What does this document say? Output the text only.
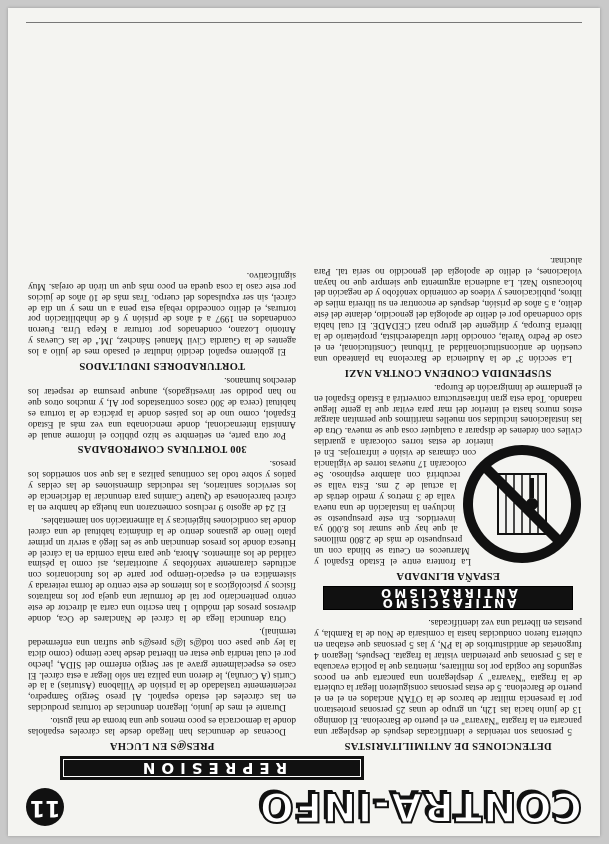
CONTRA-INFO
11
REPRESION
DETENCIONES DE ANTIMILITARISTAS

5 personas son retenidas e identificadas después de desplegar una pancarta en la fragata "Navarra" en el puerto de Barcelona. El domingo 13 de junio hacia las 12h, un grupo de unas 25 personas protestaron por la presencia militar de barcos de la OTAN anclados en el en el puerto de Barcelona. 5 de estas personas consiguieron llegar la cubierta de la fragata "Navarra" y desplegaron una pancarta que en pocos segundos fue cogida por los militares, mientras que la policía evacuaba a las 5 personas que pretendían visitar la fragata. Después, llegaron 4 furgonetas de antidisturbios de la PN, y las 5 personas que estaban en cubierta fueron conducidas hasta la comisaría de Nou de la Rambla, y puestas en libertad una vez identificadas.

ANTIFASCISMO
ANTIRRACISMO
ESPAÑA BLINDADA

La frontera entre el Estado Español y Marruecos en Ceuta se blinda con un presupuesto de más de 2.800 millones al que hay que sumar los 8.000 ya invertidos. En este presupuesto se incluyen la instalación de una nueva valla de 3 metros y medio detrás de la actual de 2 ms. Esta valla se recubrirá con alambre espinoso. Se colocarán 17 nuevas torres de vigilancia con cámaras de visión e infrarrojas. En el interior de estas torres colocarán a guardias civiles con órdenes de disparar a cualquier cosa que se mueva. Otra de las instalaciones incluidas son muelles marítimos que permitan alargar estos muros hasta el interior del mar para evitar que la gente llegue nadando. Toda esta gran infraestructura convertirá a Estado Español en el gendarme de inmigración de Europa.

SUSPENDIDA CONDENA CONTRA NAZI

La sección 3ª de la Audiencia de Barcelona ha planteado una cuestión de anticonstitucionalidad al Tribunal Constitucional, en el caso de Pedro Varela, conocido líder ultraderechista, propietario de la librería Europa, y dirigente del grupo nazi CEDADE. El cual había sido condenado por el delito de apología del genocidio, delante del éste delito, a 5 años de prisión, después de encontrar en su librería miles de libros, publicaciones y vídeos de contenido xenófobo y de negación del holocausto Nazi. La audiencia argumenta que siempre que no hayan violaciones, el delito de apología del genocidio no sería tal. Para alucinar.

PRES@S EN LUCHA

Docenas de denuncias han llegado desde las cárceles españolas donde la democracia es poco menos que una broma de mal gusto.

Durante el mes de junio, llegaron denuncias de torturas producidas en las cárceles del estado español. Al preso Sergio Sampedro, recientemente trasladado de la prisión de Villabona (Asturias) a la de Curtis (A Coruña), le dieron una paliza tan sólo llegar a esta cárcel. El caso es especialmente grave al ser Sergio enfermo del SIDA, ¡hecho por el cual tendría que estar en libertad desde hace tiempo (como dicta la ley que pase con tod@s l@s pres@s que sufran una enfermedad terminal).

Otra denuncia llega de la cárcel de Nanclares de Oca, donde diversos presos del módulo 1 han escrito una carta al director de este centro penitenciario por tal de formular una queja por los maltratos físicos y psicológicos a los internos de este centro de forma reiterada y sistemática en el espacio-tiempo por parte de los funcionarios con actitudes claramente xenófobas y autoritarias, así como la pésima calidad de los alimentos. Ahora, que para mala comida en la cárcel de Huesca donde los presos denuncian que se les llegó a servir un primer plato lleno de gusanos dentro de la dinámica habitual de una cárcel donde las condiciones higiénicas y la alimentación son lamentables.

El 24 de agosto 9 reclusos comenzaron una huelga de hambre en la cárcel barcelonesa de Quatre Camins para denunciar la deficiencia de los servicios sanitarios, las reducidas dimensiones de las celdas y patios y sobre todo las continuas palizas a las que son sometidos los presos.

300 TORTURAS COMPROBADAS

Por otra parte, en setiembre se hizo público el informe anual de Amnistía Internacional, donde mencionaba una vez más al Estado Español, como uno de los países donde la práctica de la tortura es habitual (cerca de 300 casos contrastados por AI, y muchos otros que no han podido ser investigados), aunque presuma de respetar los derechos humanos.

TORTURADORES INDULTADOS

El gobierno español decidió indultar el pasado mes de julio a los agentes de la Guardia Civil Manuel Sánchez, JM.ª de las Cuevas y Antonio Lozano, condenados por torturar a Kepa Urra. Fueron condenados en 1997 a 4 años de prisión y 6 de inhabilitación por torturas, el delito concedido rebaja esta pena a un mes y un día de cárcel, sin ser expulsados del cuerpo. Tras más de 10 años de juicios por este caso la cosa queda en poco más que un tirón de orejas. Muy significativo.
